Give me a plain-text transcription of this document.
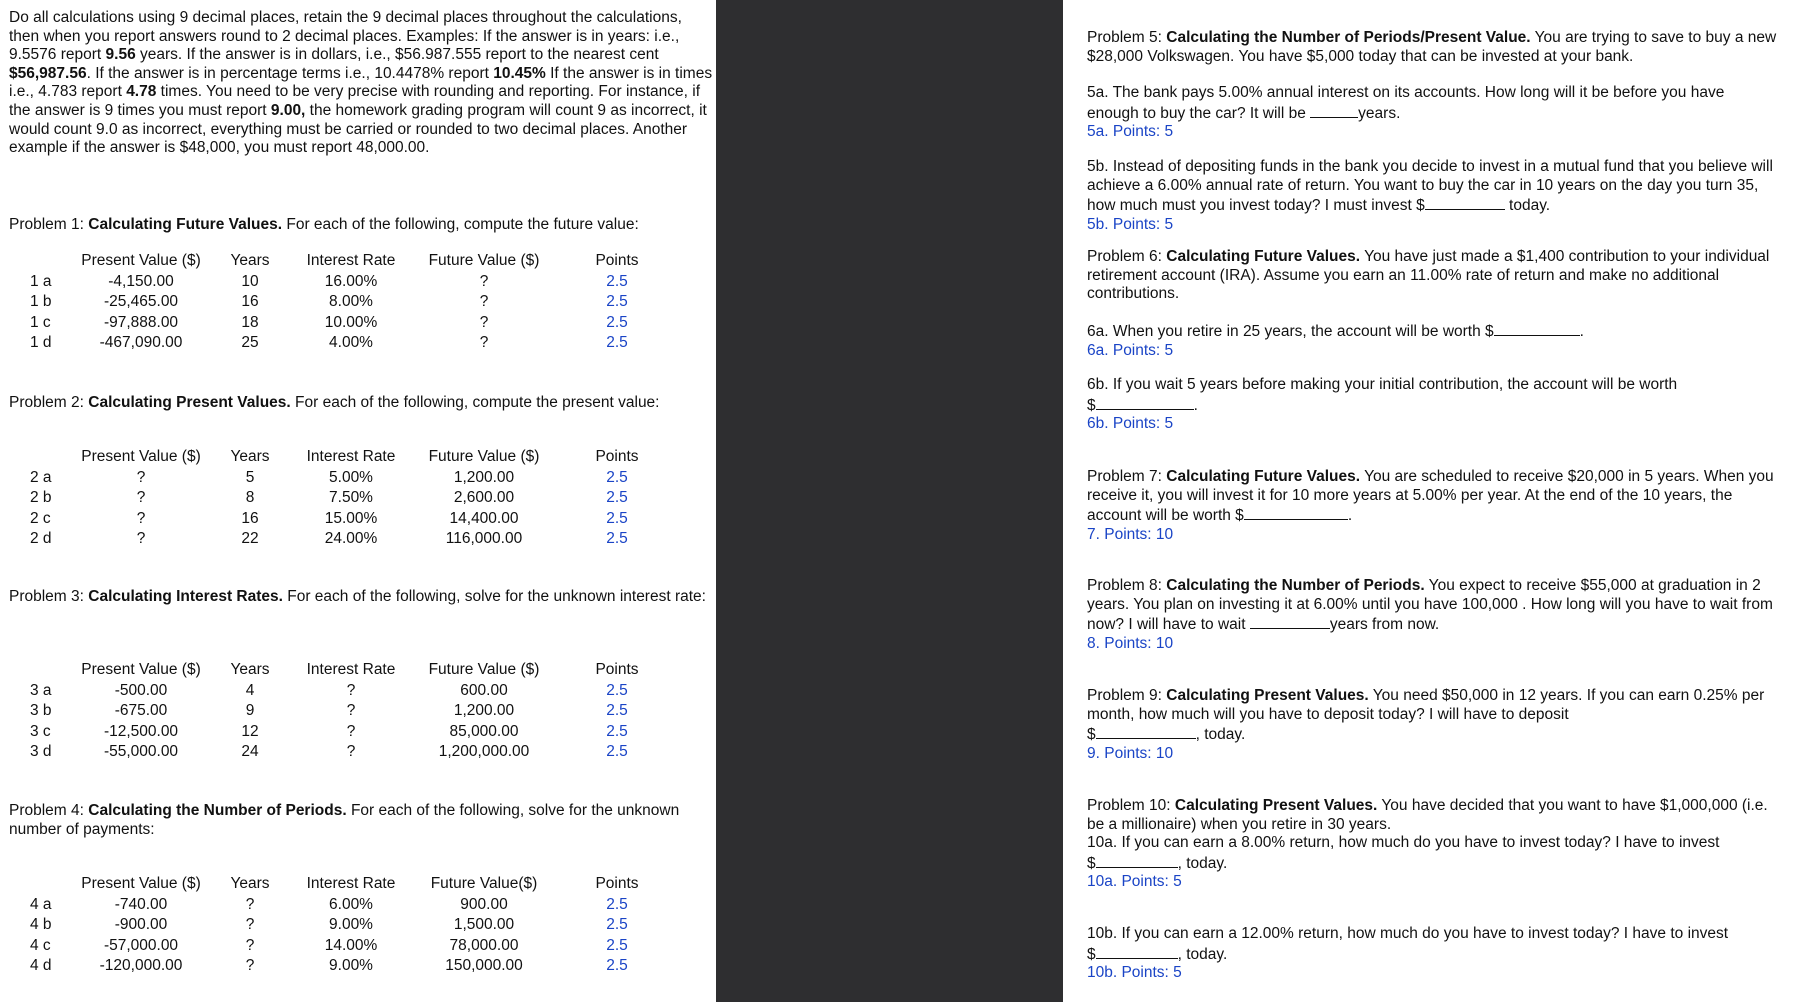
Do all calculations using 9 decimal places, retain the 9 decimal places throughout the calculations, then when you report answers round to 2 decimal places. Examples: If the answer is in years: i.e., 9.5576 report 9.56 years. If the answer is in dollars, i.e., $56.987.555 report to the nearest cent $56,987.56. If the answer is in percentage terms i.e., 10.4478% report 10.45% If the answer is in times i.e., 4.783 report 4.78 times. You need to be very precise with rounding and reporting. For instance, if the answer is 9 times you must report 9.00, the homework grading program will count 9 as incorrect, it would count 9.0 as incorrect, everything must be carried or rounded to two decimal places. Another example if the answer is $48,000, you must report 48,000.00.
Problem 1: Calculating Future Values. For each of the following, compute the future value:
	Present Value ($)	Years	Interest Rate	Future Value ($)	Points
1 a	-4,150.00	10	16.00%	?	2.5
1 b	-25,465.00	16	8.00%	?	2.5
1 c	-97,888.00	18	10.00%	?	2.5
1 d	-467,090.00	25	4.00%	?	2.5
Problem 2: Calculating Present Values. For each of the following, compute the present value:
	Present Value ($)	Years	Interest Rate	Future Value ($)	Points
2 a	?	5	5.00%	1,200.00	2.5
2 b	?	8	7.50%	2,600.00	2.5
2 c	?	16	15.00%	14,400.00	2.5
2 d	?	22	24.00%	116,000.00	2.5
Problem 3: Calculating Interest Rates. For each of the following, solve for the unknown interest rate:
	Present Value ($)	Years	Interest Rate	Future Value ($)	Points
3 a	-500.00	4	?	600.00	2.5
3 b	-675.00	9	?	1,200.00	2.5
3 c	-12,500.00	12	?	85,000.00	2.5
3 d	-55,000.00	24	?	1,200,000.00	2.5
Problem 4: Calculating the Number of Periods. For each of the following, solve for the unknown number of payments:
	Present Value ($)	Years	Interest Rate	Future Value($)	Points
4 a	-740.00	?	6.00%	900.00	2.5
4 b	-900.00	?	9.00%	1,500.00	2.5
4 c	-57,000.00	?	14.00%	78,000.00	2.5
4 d	-120,000.00	?	9.00%	150,000.00	2.5
Problem 5: Calculating the Number of Periods/Present Value. You are trying to save to buy a new $28,000 Volkswagen. You have $5,000 today that can be invested at your bank.
5a. The bank pays 5.00% annual interest on its accounts. How long will it be before you have enough to buy the car? It will be	years.
5a. Points: 5
5b. Instead of depositing funds in the bank you decide to invest in a mutual fund that you believe will achieve a 6.00% annual rate of return. You want to buy the car in 10 years on the day you turn 35, how much must you invest today? I must invest $	today.
5b. Points: 5
Problem 6: Calculating Future Values. You have just made a $1,400 contribution to your individual retirement account (IRA). Assume you earn an 11.00% rate of return and make no additional contributions.
6a. When you retire in 25 years, the account will be worth $	.
6a. Points: 5
6b. If you wait 5 years before making your initial contribution, the account will be worth
$	.
6b. Points: 5
Problem 7: Calculating Future Values. You are scheduled to receive $20,000 in 5 years. When you receive it, you will invest it for 10 more years at 5.00% per year. At the end of the 10 years, the account will be worth $	.
7. Points: 10
Problem 8: Calculating the Number of Periods. You expect to receive $55,000 at graduation in 2 years. You plan on investing it at 6.00% until you have 100,000 . How long will you have to wait from now? I will have to wait	years from now.
8. Points: 10
Problem 9: Calculating Present Values. You need $50,000 in 12 years. If you can earn 0.25% per month, how much will you have to deposit today? I will have to deposit
$	, today.
9. Points: 10
Problem 10: Calculating Present Values. You have decided that you want to have $1,000,000 (i.e. be a millionaire) when you retire in 30 years.
10a. If you can earn a 8.00% return, how much do you have to invest today? I have to invest
$	, today.
10a. Points: 5
10b. If you can earn a 12.00% return, how much do you have to invest today? I have to invest
$	, today.
10b. Points: 5
